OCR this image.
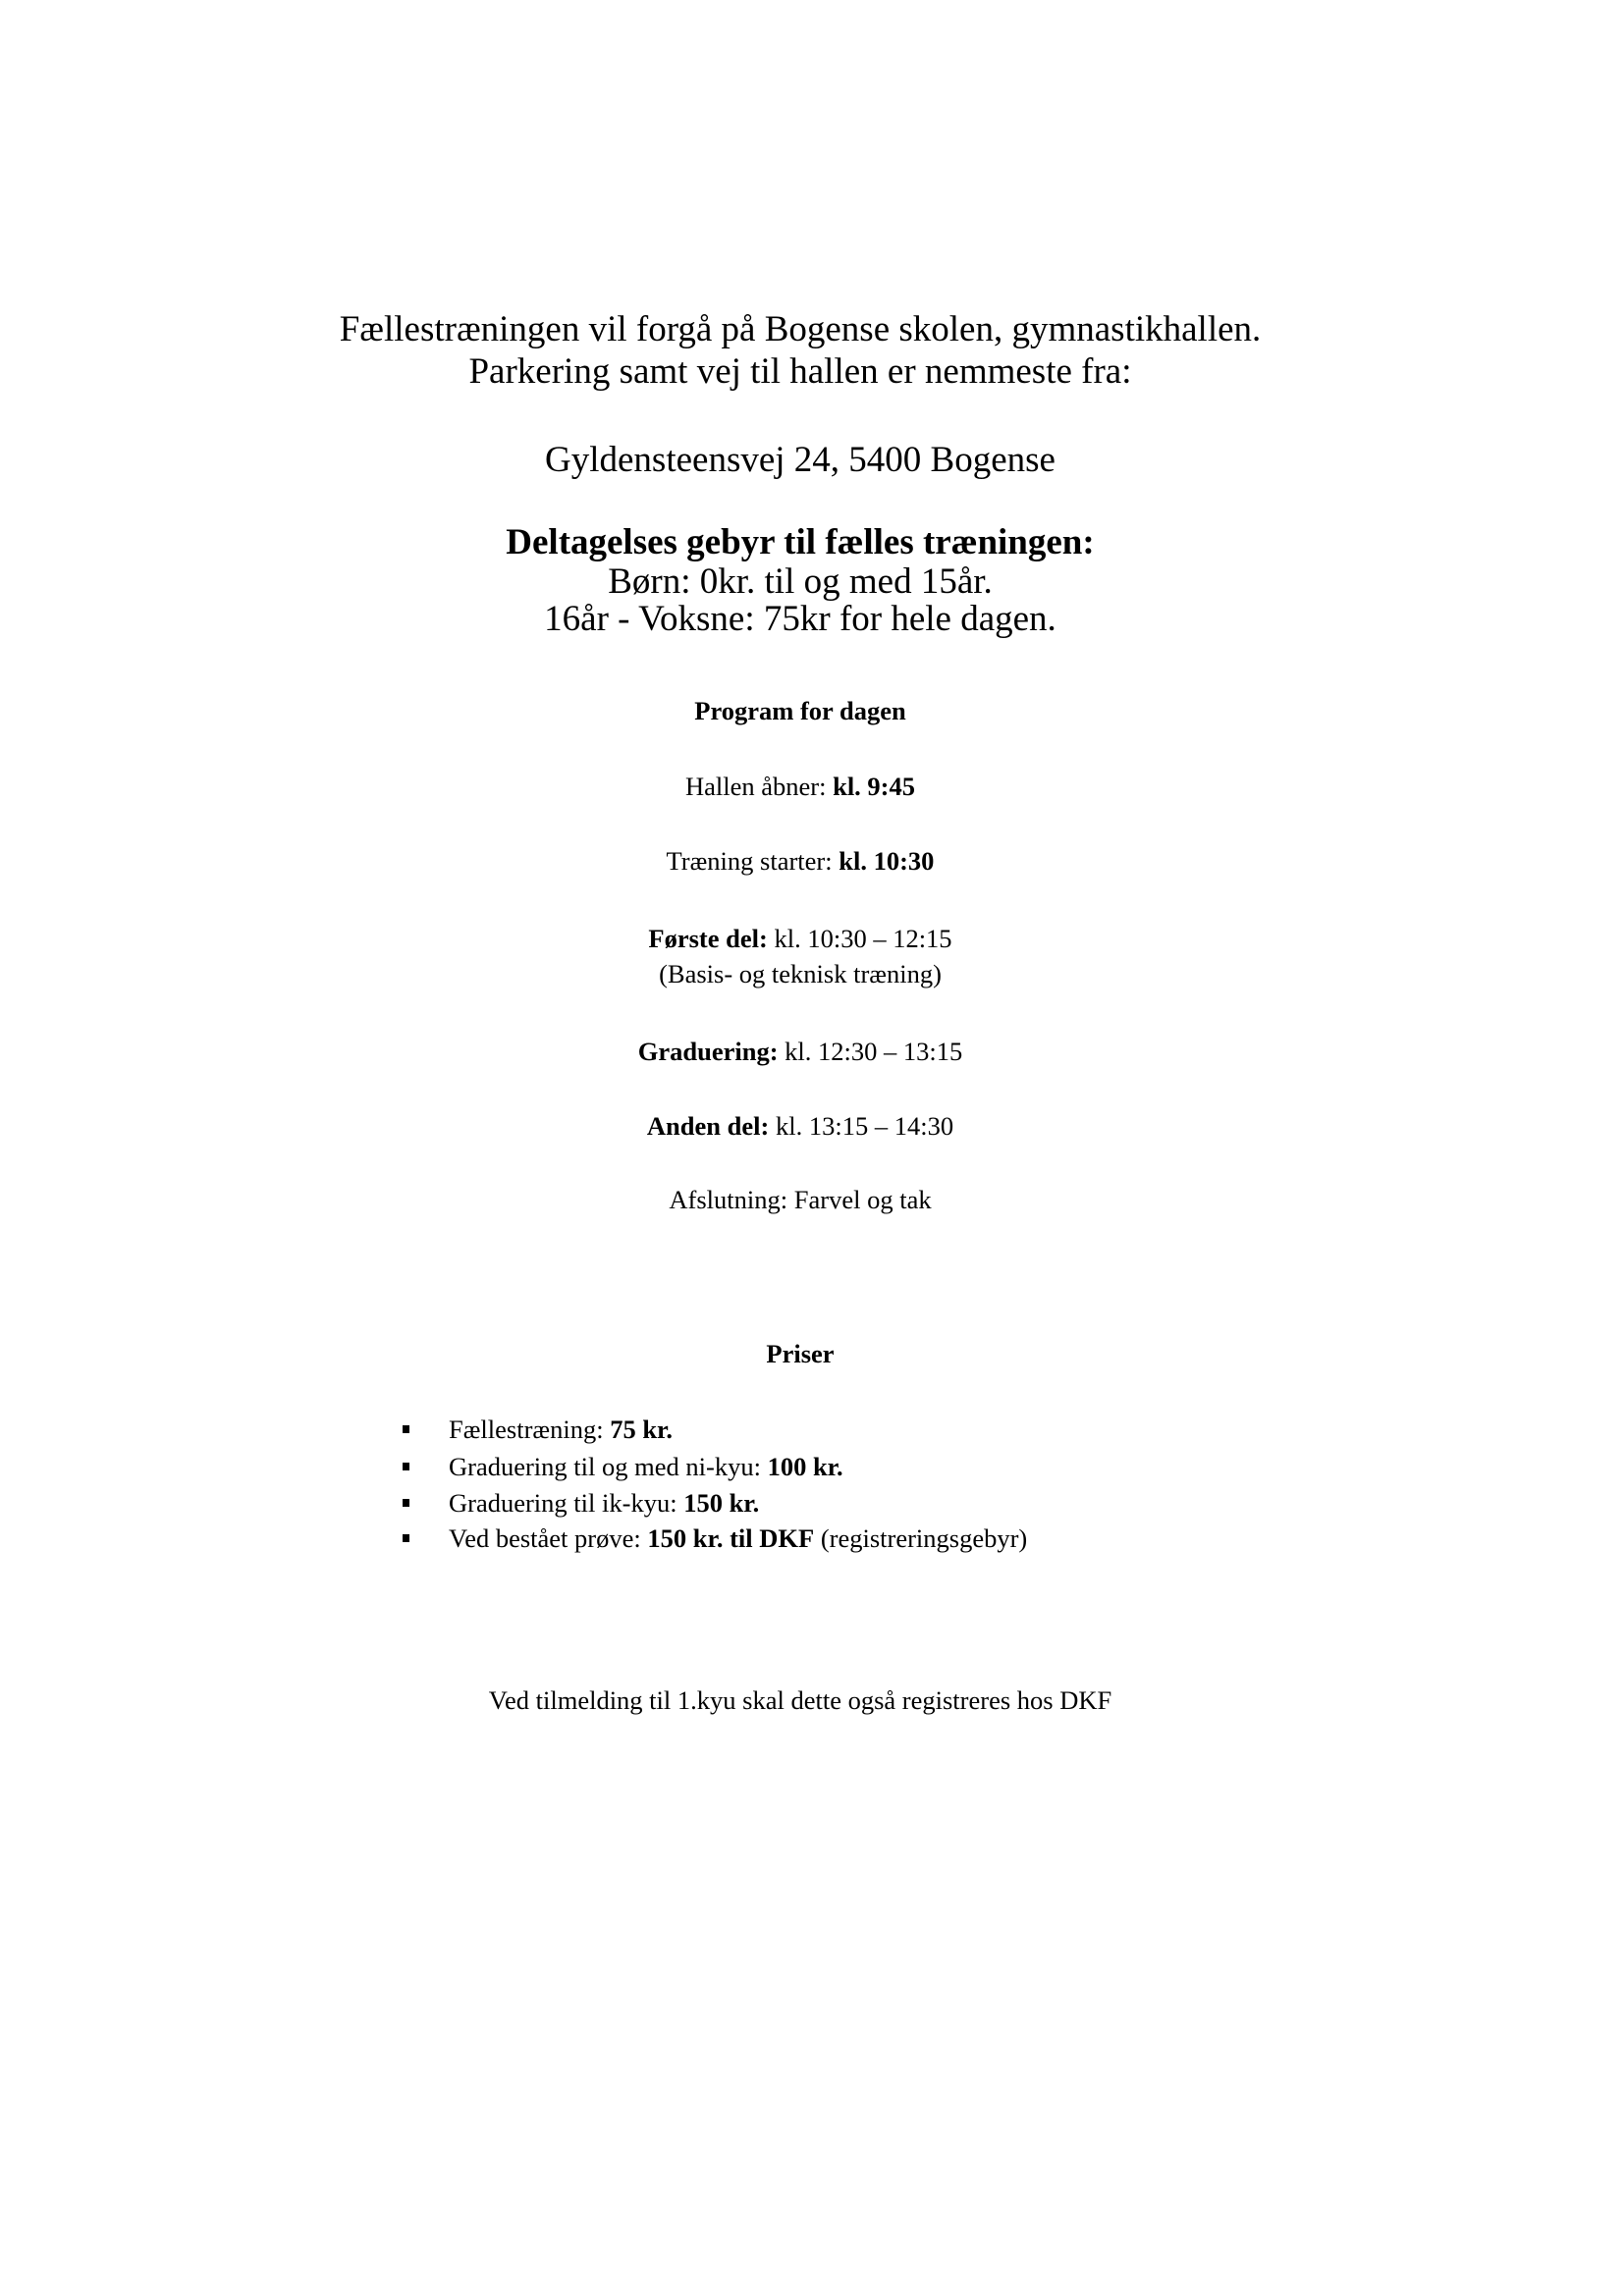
Fællestræningen vil forgå på Bogense skolen, gymnastikhallen.

Parkering samt vej til hallen er nemmeste fra:

Gyldensteensvej 24, 5400 Bogense

Deltagelses gebyr til fælles træningen:

Børn: 0kr. til og med 15år.

16år - Voksne: 75kr for hele dagen.

Program for dagen

Hallen åbner: kl. 9:45

Træning starter: kl. 10:30

Første del: kl. 10:30 – 12:15

(Basis- og teknisk træning)

Graduering: kl. 12:30 – 13:15

Anden del: kl. 13:15 – 14:30

Afslutning: Farvel og tak

Priser

Fællestræning: 75 kr.
Graduering til og med ni-kyu: 100 kr.
Graduering til ik-kyu: 150 kr.
Ved bestået prøve: 150 kr. til DKF (registreringsgebyr)

Ved tilmelding til 1.kyu skal dette også registreres hos DKF
